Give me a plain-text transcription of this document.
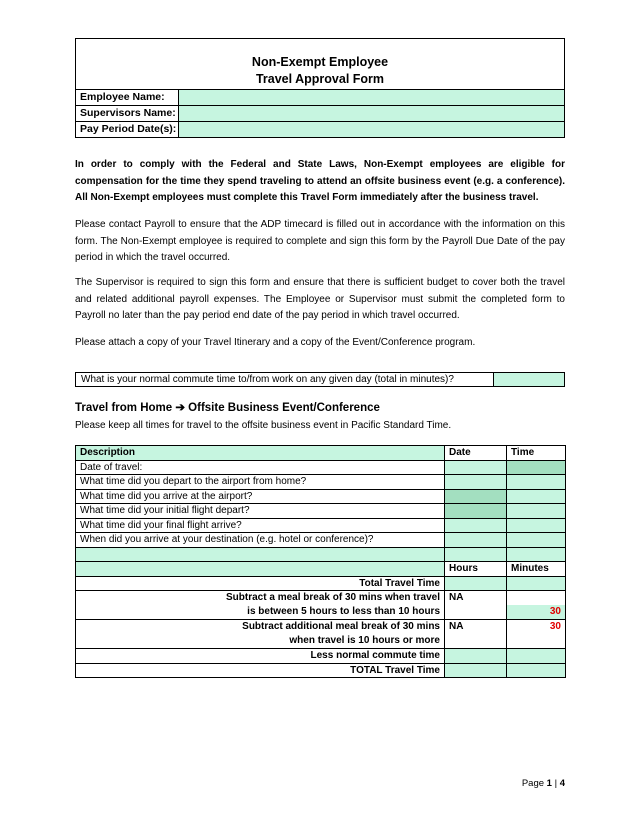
Non-Exempt Employee
Travel Approval Form
Employee Name:
Supervisors Name:
Pay Period Date(s):

In order to comply with the Federal and State Laws, Non-Exempt employees are eligible for compensation for the time they spend traveling to attend an offsite business event (e.g. a conference). All Non-Exempt employees must complete this Travel Form immediately after the business travel.

Please contact Payroll to ensure that the ADP timecard is filled out in accordance with the information on this form. The Non-Exempt employee is required to complete and sign this form by the Payroll Due Date of the pay period in which the travel occurred.

The Supervisor is required to sign this form and ensure that there is sufficient budget to cover both the travel and related additional payroll expenses. The Employee or Supervisor must submit the completed form to Payroll no later than the pay period end date of the pay period in which travel occurred.

Please attach a copy of your Travel Itinerary and a copy of the Event/Conference program.

What is your normal commute time to/from work on any given day (total in minutes)?
Travel from Home ➔ Offsite Business Event/Conference
Please keep all times for travel to the offsite business event in Pacific Standard Time.
Description	Date	Time
Date of travel:		
What time did you depart to the airport from home?		
What time did you arrive at the airport?		
What time did your initial flight depart?		
What time did your final flight arrive?		
When did you arrive at your destination (e.g. hotel or conference)?		

	Hours	Minutes
Total Travel Time		

Subtract a meal break of 30 mins when travel
is between 5 hours to less than 10 hours	NA	30

Subtract additional meal break of 30 mins
when travel is 10 hours or more	NA	30
Less normal commute time		
TOTAL Travel Time		
Page 1 | 4
